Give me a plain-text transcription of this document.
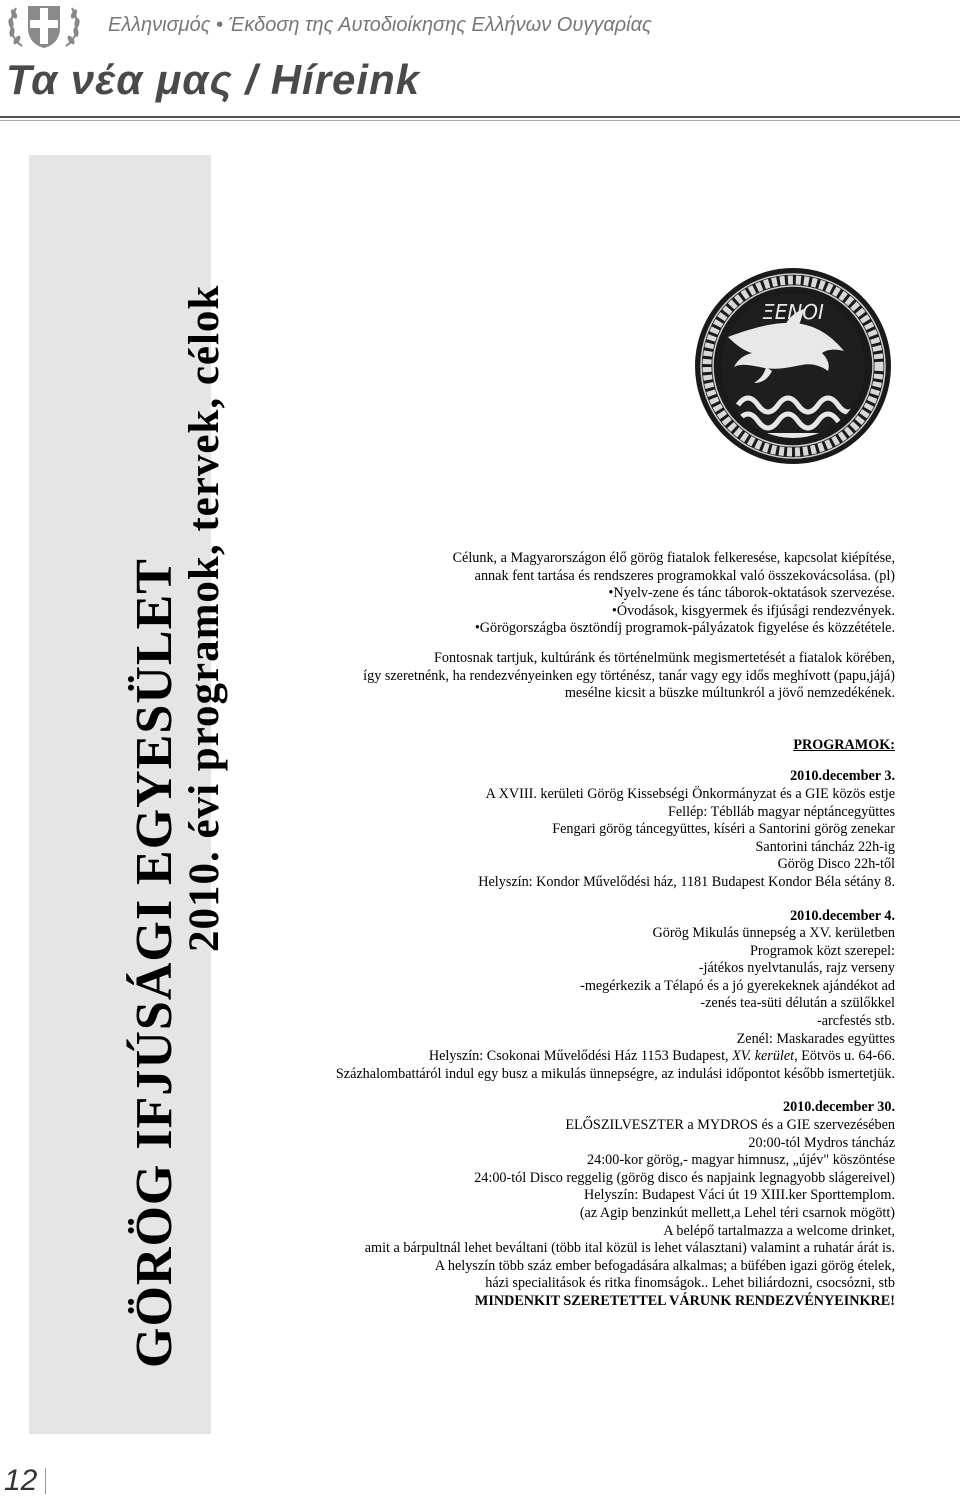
Ελληνισμός • Έκδοση της Αυτοδιοίκησης Ελλήνων Ουγγαρίας
Τα νέα μας / Híreink
GÖRÖG IFJÚSÁGI EGYESÜLET
2010. évi programok, tervek, célok	ΞΕΝΟΙ

Célunk, a Magyarországon élő görög fiatalok felkeresése, kapcsolat kiépítése,

annak fent tartása és rendszeres programokkal való összekovácsolása. (pl)

•Nyelv-zene és tánc táborok-oktatások szervezése.

•Óvodások, kisgyermek és ifjúsági rendezvények.

•Görögországba ösztöndíj programok-pályázatok figyelése és közzététele.

Fontosnak tartjuk, kultúránk és történelmünk megismertetését a fiatalok körében,

így szeretnénk, ha rendezvényeinken egy történész, tanár vagy egy idős meghívott (papu,jájá)

mesélne kicsit a büszke múltunkról a jövő nemzedékének.

PROGRAMOK:

2010.december 3.

A XVIII. kerületi Görög Kissebségi Önkormányzat és a GIE közös estje

Fellép: Téblláb magyar néptáncegyüttes

Fengari görög táncegyüttes, kíséri a Santorini görög zenekar

Santorini táncház 22h-ig

Görög Disco 22h-től

Helyszín: Kondor Művelődési ház, 1181 Budapest Kondor Béla sétány 8.

2010.december 4.

Görög Mikulás ünnepség a XV. kerületben

Programok közt szerepel:

-játékos nyelvtanulás, rajz verseny

-megérkezik a Télapó és a jó gyerekeknek ajándékot ad

-zenés tea-süti délután a szülőkkel

-arcfestés stb.

Zenél: Maskarades együttes

Helyszín: Csokonai Művelődési Ház 1153 Budapest, XV. kerület, Eötvös u. 64-66.

Százhalombattáról indul egy busz a mikulás ünnepségre, az indulási időpontot később ismertetjük.

2010.december 30.

ELŐSZILVESZTER a MYDROS és a GIE szervezésében

20:00-tól Mydros táncház

24:00-kor görög,- magyar himnusz, „újév" köszöntése

24:00-tól Disco reggelig (görög disco és napjaink legnagyobb slágereivel)

Helyszín: Budapest Váci út 19 XIII.ker Sporttemplom.

(az Agip benzinkút mellett,a Lehel téri csarnok mögött)

A belépő tartalmazza a welcome drinket,

amit a bárpultnál lehet beváltani (több ital közül is lehet választani) valamint a ruhatár árát is.

A helyszín több száz ember befogadására alkalmas; a büfében igazi görög ételek,

házi specialitások és ritka finomságok.. Lehet biliárdozni, csocsózni, stb

MINDENKIT SZERETETTEL VÁRUNK RENDEZVÉNYEINKRE!

12
